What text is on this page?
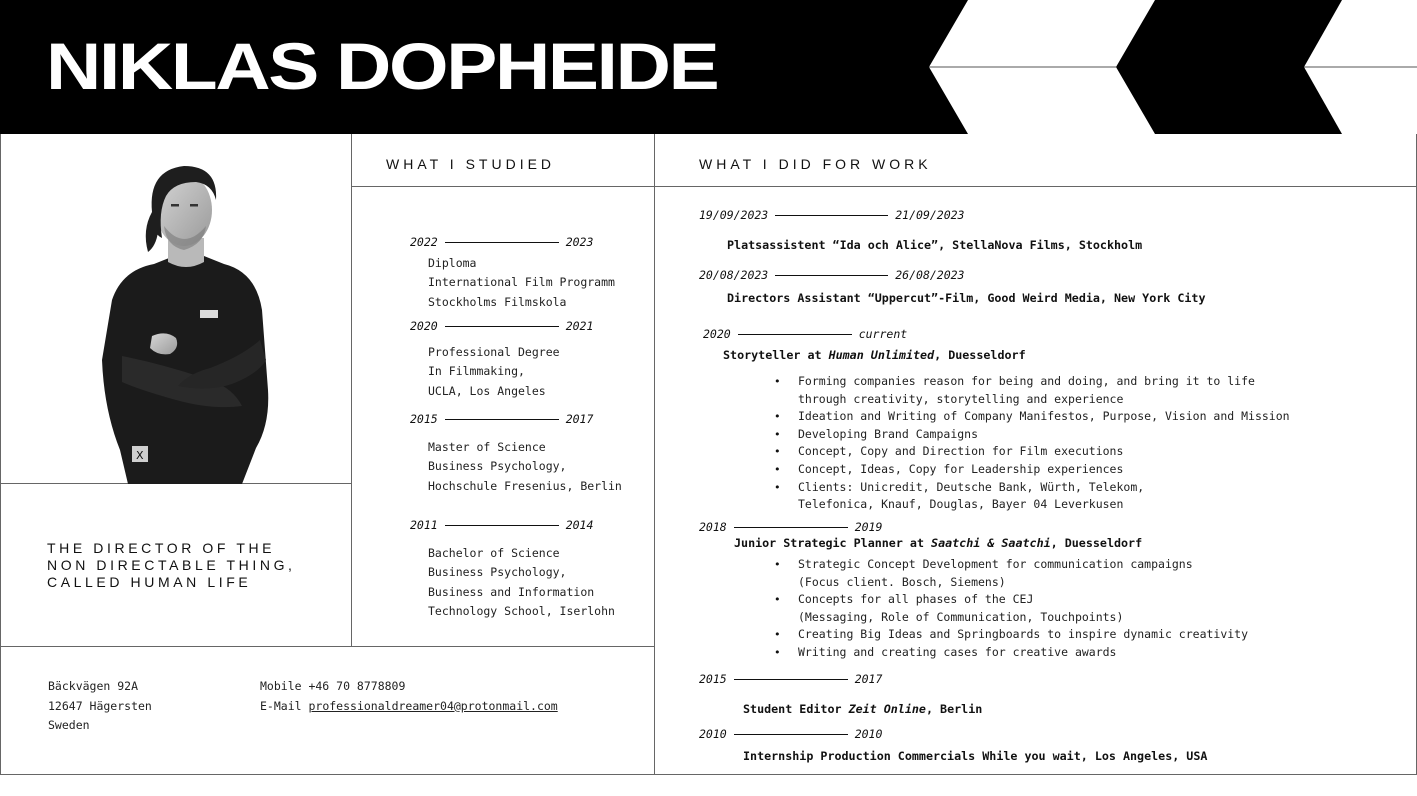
NIKLAS DOPHEIDE
X
THE DIRECTOR OF THE
NON DIRECTABLE THING,
CALLED HUMAN LIFE
Bäckvägen 92A
12647 Hägersten
Sweden
Mobile +46 70 8778809
E-Mail professionaldreamer04@protonmail.com
WHAT I STUDIED
2022	2023
Diploma
International Film Programm
Stockholms Filmskola
2020	2021
Professional Degree
In Filmmaking,
UCLA, Los Angeles
2015	2017
Master of Science
Business Psychology,
Hochschule Fresenius, Berlin
2011	2014
Bachelor of Science
Business Psychology,
Business and Information
Technology School, Iserlohn
WHAT I DID FOR WORK
19/09/2023	21/09/2023
Platsassistent “Ida och Alice”, StellaNova Films, Stockholm
20/08/2023	26/08/2023
Directors Assistant “Uppercut”-Film, Good Weird Media, New York City
2020	current
Storyteller at Human Unlimited, Duesseldorf
• Forming companies reason for being and doing, and bring it to life
through creativity, storytelling and experience
• Ideation and Writing of Company Manifestos, Purpose, Vision and Mission
• Developing Brand Campaigns
• Concept, Copy and Direction for Film executions
• Concept, Ideas, Copy for Leadership experiences
• Clients: Unicredit, Deutsche Bank, Würth, Telekom,
Telefonica, Knauf, Douglas, Bayer 04 Leverkusen
2018	2019
Junior Strategic Planner at Saatchi & Saatchi, Duesseldorf
• Strategic Concept Development for communication campaigns
(Focus client. Bosch, Siemens)
• Concepts for all phases of the CEJ
(Messaging, Role of Communication, Touchpoints)
• Creating Big Ideas and Springboards to inspire dynamic creativity
• Writing and creating cases for creative awards
2015	2017
Student Editor Zeit Online, Berlin
2010	2010
Internship Production Commercials While you wait, Los Angeles, USA
